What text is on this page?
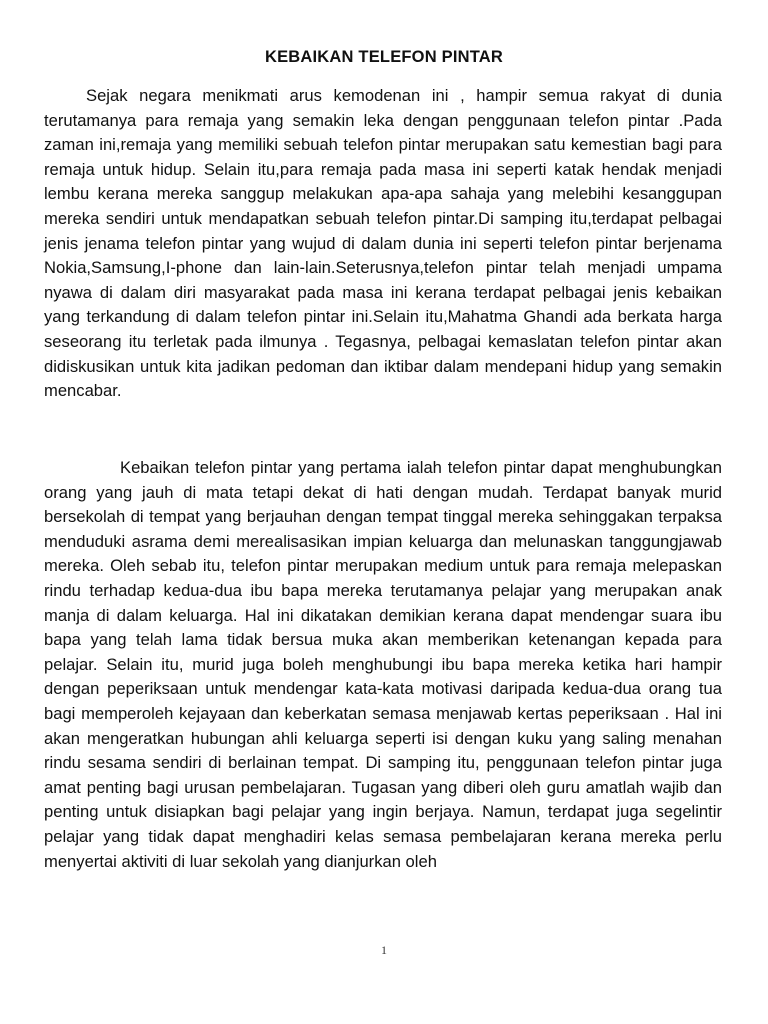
KEBAIKAN TELEFON PINTAR

Sejak negara menikmati arus kemodenan ini , hampir semua rakyat di dunia terutamanya para remaja yang semakin leka dengan penggunaan telefon pintar .Pada zaman ini,remaja yang memiliki sebuah telefon pintar merupakan satu kemestian bagi para remaja untuk hidup. Selain itu,para remaja pada masa ini seperti katak hendak menjadi lembu kerana mereka sanggup melakukan apa-apa sahaja yang melebihi kesanggupan mereka sendiri untuk mendapatkan sebuah telefon pintar.Di samping itu,terdapat pelbagai jenis jenama telefon pintar yang wujud di dalam dunia ini seperti telefon pintar berjenama Nokia,Samsung,I-phone dan lain-lain.Seterusnya,telefon pintar telah menjadi umpama nyawa di dalam diri masyarakat pada masa ini kerana terdapat pelbagai jenis kebaikan yang terkandung di dalam telefon pintar ini.Selain itu,Mahatma Ghandi ada berkata harga seseorang itu terletak pada ilmunya . Tegasnya, pelbagai kemaslatan telefon pintar akan didiskusikan untuk kita jadikan pedoman dan iktibar dalam mendepani hidup yang semakin mencabar.

Kebaikan telefon pintar yang pertama ialah telefon pintar dapat menghubungkan orang yang jauh di mata tetapi dekat di hati dengan mudah. Terdapat banyak murid bersekolah di tempat yang berjauhan dengan tempat tinggal mereka sehinggakan terpaksa menduduki asrama demi merealisasikan impian keluarga dan melunaskan tanggungjawab mereka. Oleh sebab itu, telefon pintar merupakan medium untuk para remaja melepaskan rindu terhadap kedua-dua ibu bapa mereka terutamanya pelajar yang merupakan anak manja di dalam keluarga. Hal ini dikatakan demikian kerana dapat mendengar suara ibu bapa yang telah lama tidak bersua muka akan memberikan ketenangan kepada para pelajar. Selain itu, murid juga boleh menghubungi ibu bapa mereka ketika hari hampir dengan peperiksaan untuk mendengar kata-kata motivasi daripada kedua-dua orang tua bagi memperoleh kejayaan dan keberkatan semasa menjawab kertas peperiksaan . Hal ini akan mengeratkan hubungan ahli keluarga seperti isi dengan kuku yang saling menahan rindu sesama sendiri di berlainan tempat. Di samping itu, penggunaan telefon pintar juga amat penting bagi urusan pembelajaran. Tugasan yang diberi oleh guru amatlah wajib dan penting untuk disiapkan bagi pelajar yang ingin berjaya. Namun, terdapat juga segelintir pelajar yang tidak dapat menghadiri kelas semasa pembelajaran kerana mereka perlu menyertai aktiviti di luar sekolah yang dianjurkan oleh

1
